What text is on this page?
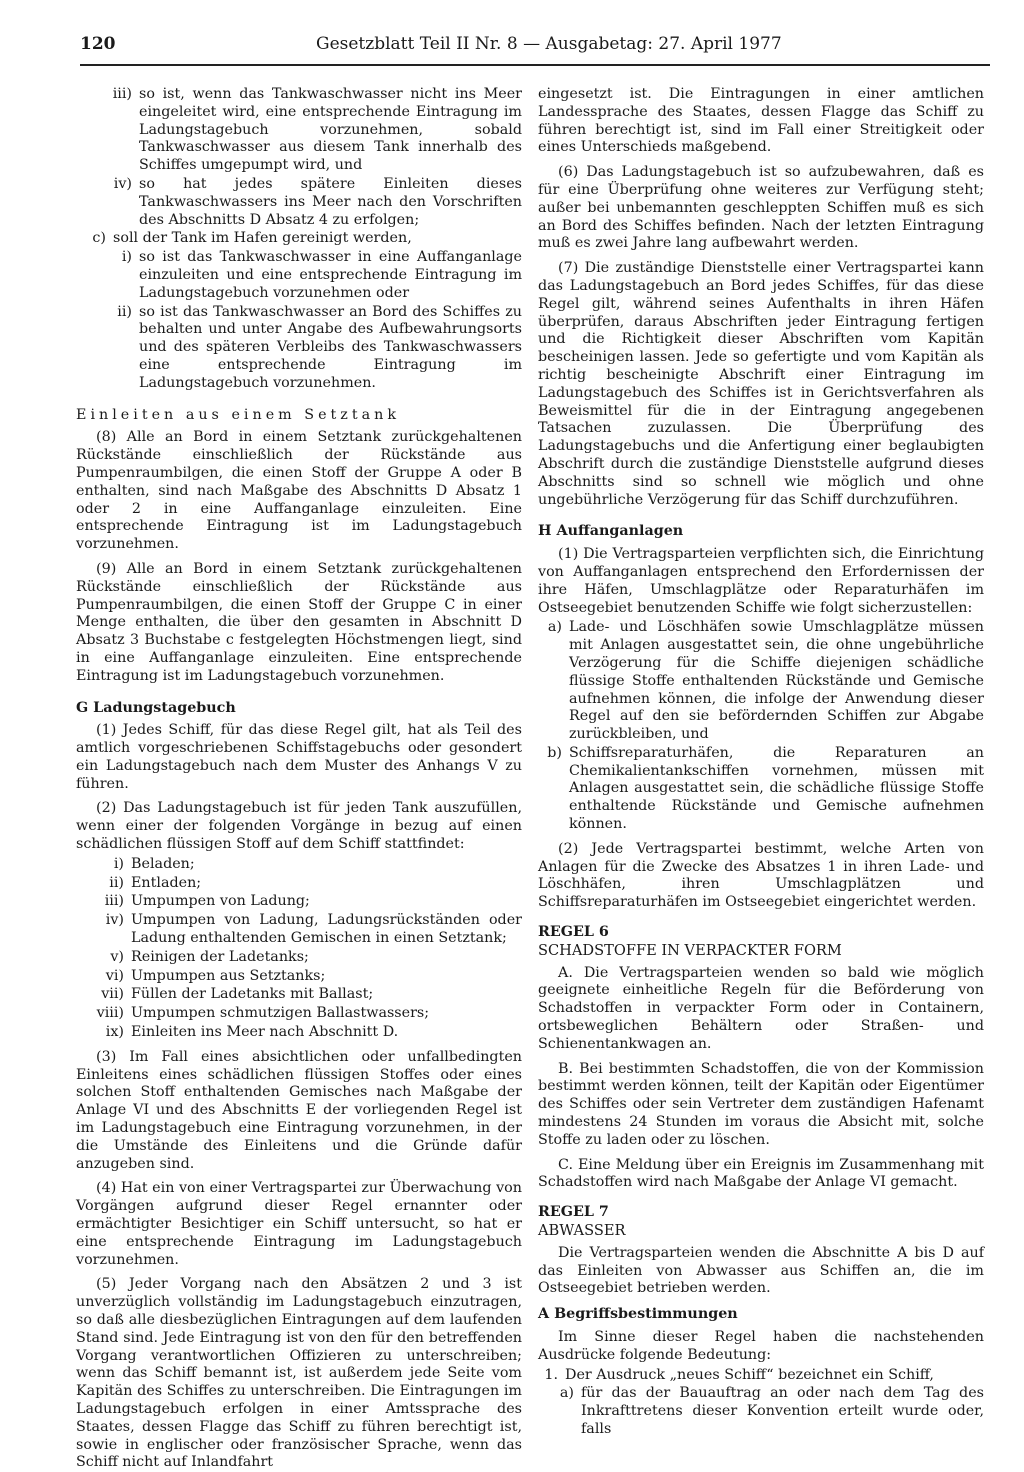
120	Gesetzblatt Teil II Nr. 8 — Ausgabetag: 27. April 1977
iii) so ist, wenn das Tankwaschwasser nicht ins Meer eingeleitet wird, eine entsprechende Eintragung im Ladungstagebuch vorzunehmen, sobald Tankwaschwasser aus diesem Tank innerhalb des Schiffes umgepumpt wird, und
iv) so hat jedes spätere Einleiten dieses Tankwaschwassers ins Meer nach den Vorschriften des Abschnitts D Absatz 4 zu erfolgen;
c) soll der Tank im Hafen gereinigt werden,
i) so ist das Tankwaschwasser in eine Auffanganlage einzuleiten und eine entsprechende Eintragung im Ladungstagebuch vorzunehmen oder
ii) so ist das Tankwaschwasser an Bord des Schiffes zu behalten und unter Angabe des Aufbewahrungsorts und des späteren Verbleibs des Tankwaschwassers eine entsprechende Eintragung im Ladungstagebuch vorzunehmen.
Einleiten aus einem Setztank

(8) Alle an Bord in einem Setztank zurückgehaltenen Rückstände einschließlich der Rückstände aus Pumpenraumbilgen, die einen Stoff der Gruppe A oder B enthalten, sind nach Maßgabe des Abschnitts D Absatz 1 oder 2 in eine Auffanganlage einzuleiten. Eine entsprechende Eintragung ist im Ladungstagebuch vorzunehmen.

(9) Alle an Bord in einem Setztank zurückgehaltenen Rückstände einschließlich der Rückstände aus Pumpenraumbilgen, die einen Stoff der Gruppe C in einer Menge enthalten, die über den gesamten in Abschnitt D Absatz 3 Buchstabe c festgelegten Höchstmengen liegt, sind in eine Auffanganlage einzuleiten. Eine entsprechende Eintragung ist im Ladungstagebuch vorzunehmen.

G Ladungstagebuch

(1) Jedes Schiff, für das diese Regel gilt, hat als Teil des amtlich vorgeschriebenen Schiffstagebuchs oder gesondert ein Ladungstagebuch nach dem Muster des Anhangs V zu führen.

(2) Das Ladungstagebuch ist für jeden Tank auszufüllen, wenn einer der folgenden Vorgänge in bezug auf einen schädlichen flüssigen Stoff auf dem Schiff stattfindet:

i) Beladen;
ii) Entladen;
iii) Umpumpen von Ladung;
iv) Umpumpen von Ladung, Ladungsrückständen oder Ladung enthaltenden Gemischen in einen Setztank;
v) Reinigen der Ladetanks;
vi) Umpumpen aus Setztanks;
vii) Füllen der Ladetanks mit Ballast;
viii) Umpumpen schmutzigen Ballastwassers;
ix) Einleiten ins Meer nach Abschnitt D.

(3) Im Fall eines absichtlichen oder unfallbedingten Einleitens eines schädlichen flüssigen Stoffes oder eines solchen Stoff enthaltenden Gemisches nach Maßgabe der Anlage VI und des Abschnitts E der vorliegenden Regel ist im Ladungstagebuch eine Eintragung vorzunehmen, in der die Umstände des Einleitens und die Gründe dafür anzugeben sind.

(4) Hat ein von einer Vertragspartei zur Überwachung von Vorgängen aufgrund dieser Regel ernannter oder ermächtigter Besichtiger ein Schiff untersucht, so hat er eine entsprechende Eintragung im Ladungstagebuch vorzunehmen.

(5) Jeder Vorgang nach den Absätzen 2 und 3 ist unverzüglich vollständig im Ladungstagebuch einzutragen, so daß alle diesbezüglichen Eintragungen auf dem laufenden Stand sind. Jede Eintragung ist von den für den betreffenden Vorgang verantwortlichen Offizieren zu unterschreiben; wenn das Schiff bemannt ist, ist außerdem jede Seite vom Kapitän des Schiffes zu unterschreiben. Die Eintragungen im Ladungstagebuch erfolgen in einer Amtssprache des Staates, dessen Flagge das Schiff zu führen berechtigt ist, sowie in englischer oder französischer Sprache, wenn das Schiff nicht auf Inlandfahrt

eingesetzt ist. Die Eintragungen in einer amtlichen Landessprache des Staates, dessen Flagge das Schiff zu führen berechtigt ist, sind im Fall einer Streitigkeit oder eines Unterschieds maßgebend.

(6) Das Ladungstagebuch ist so aufzubewahren, daß es für eine Überprüfung ohne weiteres zur Verfügung steht; außer bei unbemannten geschleppten Schiffen muß es sich an Bord des Schiffes befinden. Nach der letzten Eintragung muß es zwei Jahre lang aufbewahrt werden.

(7) Die zuständige Dienststelle einer Vertragspartei kann das Ladungstagebuch an Bord jedes Schiffes, für das diese Regel gilt, während seines Aufenthalts in ihren Häfen überprüfen, daraus Abschriften jeder Eintragung fertigen und die Richtigkeit dieser Abschriften vom Kapitän bescheinigen lassen. Jede so gefertigte und vom Kapitän als richtig bescheinigte Abschrift einer Eintragung im Ladungstagebuch des Schiffes ist in Gerichtsverfahren als Beweismittel für die in der Eintragung angegebenen Tatsachen zuzulassen. Die Überprüfung des Ladungstagebuchs und die Anfertigung einer beglaubigten Abschrift durch die zuständige Dienststelle aufgrund dieses Abschnitts sind so schnell wie möglich und ohne ungebührliche Verzögerung für das Schiff durchzuführen.

H Auffanganlagen

(1) Die Vertragsparteien verpflichten sich, die Einrichtung von Auffanganlagen entsprechend den Erfordernissen der ihre Häfen, Umschlagplätze oder Reparaturhäfen im Ostseegebiet benutzenden Schiffe wie folgt sicherzustellen:

a) Lade- und Löschhäfen sowie Umschlagplätze müssen mit Anlagen ausgestattet sein, die ohne ungebührliche Verzögerung für die Schiffe diejenigen schädliche flüssige Stoffe enthaltenden Rückstände und Gemische aufnehmen können, die infolge der Anwendung dieser Regel auf den sie befördernden Schiffen zur Abgabe zurückbleiben, und
b) Schiffsreparaturhäfen, die Reparaturen an Chemikalientankschiffen vornehmen, müssen mit Anlagen ausgestattet sein, die schädliche flüssige Stoffe enthaltende Rückstände und Gemische aufnehmen können.

(2) Jede Vertragspartei bestimmt, welche Arten von Anlagen für die Zwecke des Absatzes 1 in ihren Lade- und Löschhäfen, ihren Umschlagplätzen und Schiffsreparaturhäfen im Ostseegebiet eingerichtet werden.

REGEL 6
SCHADSTOFFE IN VERPACKTER FORM

A. Die Vertragsparteien wenden so bald wie möglich geeignete einheitliche Regeln für die Beförderung von Schadstoffen in verpackter Form oder in Containern, ortsbeweglichen Behältern oder Straßen- und Schienentankwagen an.

B. Bei bestimmten Schadstoffen, die von der Kommission bestimmt werden können, teilt der Kapitän oder Eigentümer des Schiffes oder sein Vertreter dem zuständigen Hafenamt mindestens 24 Stunden im voraus die Absicht mit, solche Stoffe zu laden oder zu löschen.

C. Eine Meldung über ein Ereignis im Zusammenhang mit Schadstoffen wird nach Maßgabe der Anlage VI gemacht.

REGEL 7
ABWASSER

Die Vertragsparteien wenden die Abschnitte A bis D auf das Einleiten von Abwasser aus Schiffen an, die im Ostseegebiet betrieben werden.

A Begriffsbestimmungen

Im Sinne dieser Regel haben die nachstehenden Ausdrücke folgende Bedeutung:

1. Der Ausdruck „neues Schiff“ bezeichnet ein Schiff,
a) für das der Bauauftrag an oder nach dem Tag des Inkrafttretens dieser Konvention erteilt wurde oder, falls
